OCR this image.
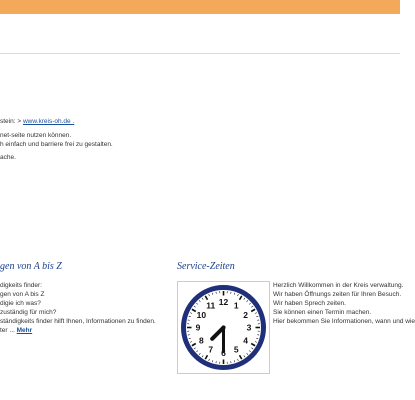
stein: > www.kreis-oh.de .
net-seite nutzen können.
h einfach und barriere frei zu gestalten.
ache.
gen von A bis Z
digkeits finder:
gen von A bis Z
digie ich was?
zuständig für mich?
ständigkeits finder hilft Ihnen, Informationen zu finden.
ter ... Mehr
Service-Zeiten
12 1
2
3
4
5
6
7
8
9
10
11
Herzlich Willkommen in der Kreis verwaltung.
Wir haben Öffnungs zeiten für Ihren Besuch.
Wir haben Sprech zeiten.
Sie können einen Termin machen.
Hier bekommen Sie Informationen, wann und wie
